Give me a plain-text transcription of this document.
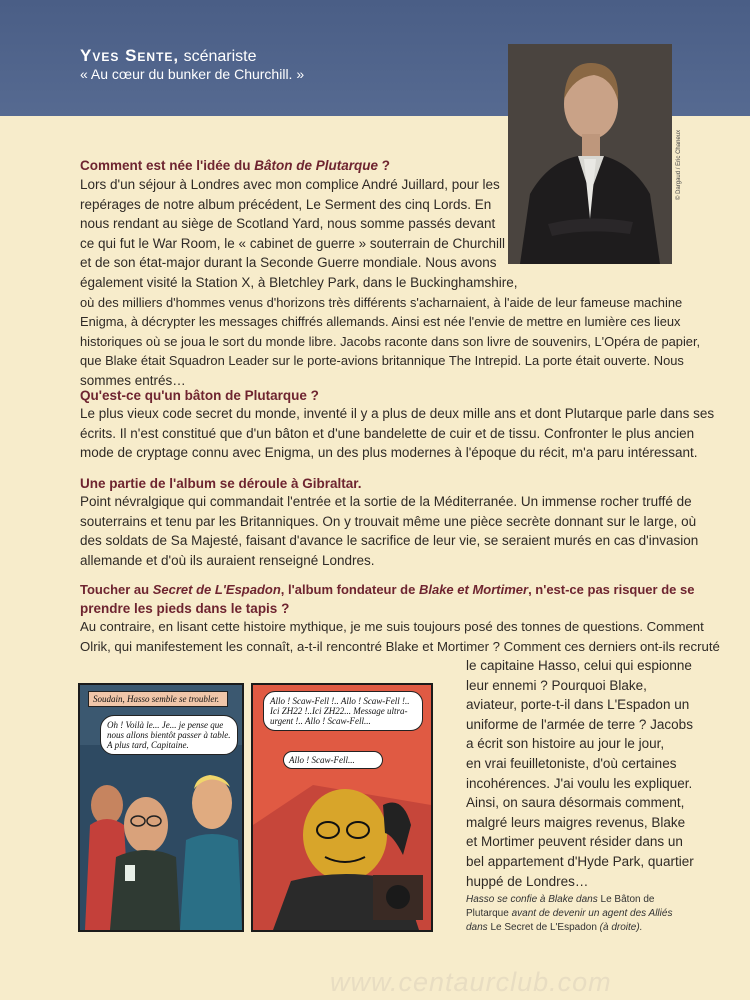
Yves Sente, scénariste
« Au cœur du bunker de Churchill. »
© Dargaud / Eric Chaneux
Comment est née l'idée du Bâton de Plutarque ?
Lors d'un séjour à Londres avec mon complice André Juillard, pour les
repérages de notre album précédent, Le Serment des cinq Lords. En
nous rendant au siège de Scotland Yard, nous somme passés devant
ce qui fut le War Room, le « cabinet de guerre » souterrain de Churchill
et de son état-major durant la Seconde Guerre mondiale. Nous avons
également visité la Station X, à Bletchley Park, dans le Buckinghamshire,
où des milliers d'hommes venus d'horizons très différents s'acharnaient, à l'aide de leur fameuse machine
Enigma, à décrypter les messages chiffrés allemands. Ainsi est née l'envie de mettre en lumière ces lieux
historiques où se joua le sort du monde libre. Jacobs raconte dans son livre de souvenirs, L'Opéra de papier,
que Blake était Squadron Leader sur le porte-avions britannique The Intrepid. La porte était ouverte. Nous
sommes entrés…
Qu'est-ce qu'un bâton de Plutarque ?
Le plus vieux code secret du monde, inventé il y a plus de deux mille ans et dont Plutarque parle dans ses
écrits. Il n'est constitué que d'un bâton et d'une bandelette de cuir et de tissu. Confronter le plus ancien
mode de cryptage connu avec Enigma, un des plus modernes à l'époque du récit, m'a paru intéressant.
Une partie de l'album se déroule à Gibraltar.
Point névralgique qui commandait l'entrée et la sortie de la Méditerranée. Un immense rocher truffé de
souterrains et tenu par les Britanniques. On y trouvait même une pièce secrète donnant sur le large, où
des soldats de Sa Majesté, faisant d'avance le sacrifice de leur vie, se seraient murés en cas d'invasion
allemande et d'où ils auraient renseigné Londres.
Toucher au Secret de L'Espadon, l'album fondateur de Blake et Mortimer, n'est-ce pas risquer de se
prendre les pieds dans le tapis ?
Au contraire, en lisant cette histoire mythique, je me suis toujours posé des tonnes de questions. Comment
Olrik, qui manifestement les connaît, a-t-il rencontré Blake et Mortimer ? Comment ces derniers ont-ils recruté
le capitaine Hasso, celui qui espionne
leur ennemi ? Pourquoi Blake,
aviateur, porte-t-il dans L'Espadon un
uniforme de l'armée de terre ? Jacobs
a écrit son histoire au jour le jour,
en vrai feuilletoniste, d'où certaines
incohérences. J'ai voulu les expliquer.
Ainsi, on saura désormais comment,
malgré leurs maigres revenus, Blake
et Mortimer peuvent résider dans un
bel appartement d'Hyde Park, quartier
huppé de Londres…
Soudain, Hasso semble se troubler.
Oh ! Voilà le... Je... je pense que nous allons bientôt passer à table. A plus tard, Capitaine.
Allo ! Scaw-Fell !.. Allo ! Scaw-Fell !.. Ici ZH22 !..Ici ZH22... Message ultra-urgent !.. Allo ! Scaw-Fell...
Allo ! Scaw-Fell...
Hasso se confie à Blake dans Le Bâton de Plutarque avant de devenir un agent des Alliés dans Le Secret de L'Espadon (à droite).
www.centaurclub.com
